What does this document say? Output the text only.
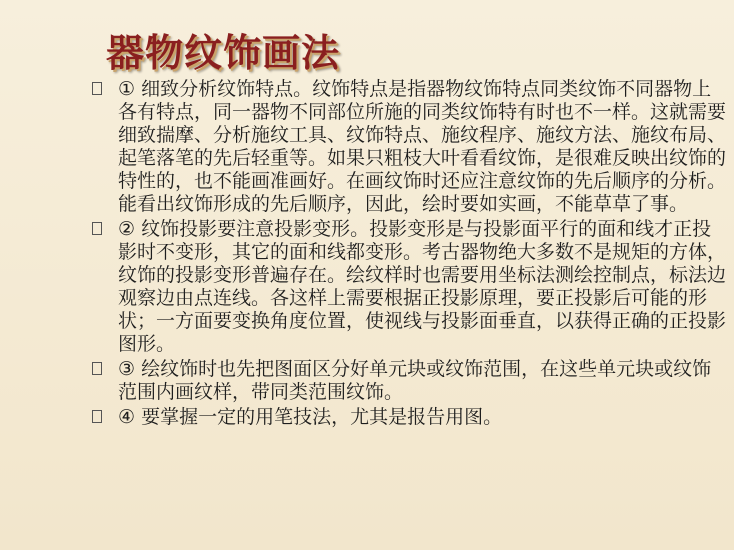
器物纹饰画法
① 细致分析纹饰特点。纹饰特点是指器物纹饰特点同类纹饰不同器物上各有特点，同一器物不同部位所施的同类纹饰特有时也不一样。这就需要细致揣摩、分析施纹工具、纹饰特点、施纹程序、施纹方法、施纹布局、起笔落笔的先后轻重等。如果只粗枝大叶看看纹饰，是很难反映出纹饰的特性的，也不能画准画好。在画纹饰时还应注意纹饰的先后顺序的分析。能看出纹饰形成的先后顺序，因此，绘时要如实画，不能草草了事。
② 纹饰投影要注意投影变形。投影变形是与投影面平行的面和线才正投影时不变形，其它的面和线都变形。考古器物绝大多数不是规矩的方体，纹饰的投影变形普遍存在。绘纹样时也需要用坐标法测绘控制点，标法边观察边由点连线。各这样上需要根据正投影原理，要正投影后可能的形状；一方面要变换角度位置，使视线与投影面垂直，以获得正确的正投影图形。
③ 绘纹饰时也先把图面区分好单元块或纹饰范围，在这些单元块或纹饰范围内画纹样，带同类范围纹饰。
④ 要掌握一定的用笔技法，尤其是报告用图。
